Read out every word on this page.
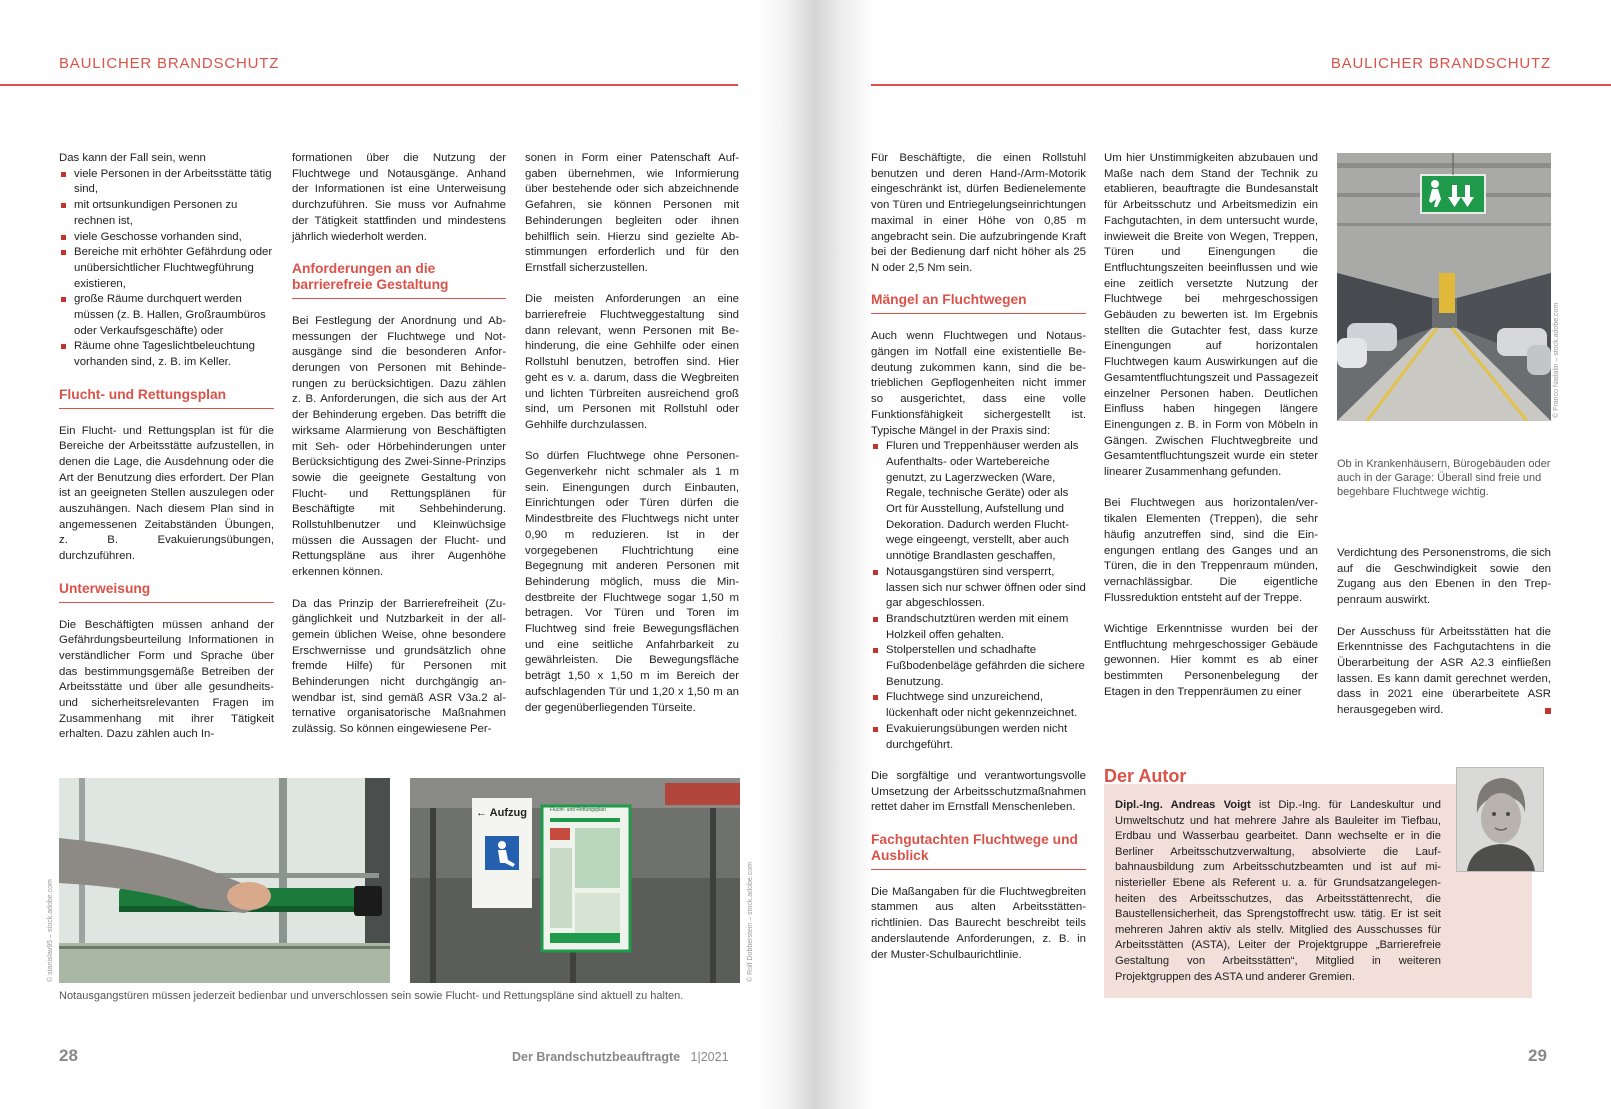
BAULICHER BRANDSCHUTZ	BAULICHER BRANDSCHUTZ

Das kann der Fall sein, wenn

viele Personen in der Arbeitsstätte tätig sind,
mit ortsunkundigen Personen zu rechnen ist,
viele Geschosse vorhanden sind,
Bereiche mit erhöhter Gefährdung oder unübersichtlicher Fluchtwegführung existieren,
große Räume durchquert werden müssen (z. B. Hallen, Großraumbüros oder Verkaufsgeschäfte) oder
Räume ohne Tageslichtbeleuchtung vorhanden sind, z. B. im Keller.
Flucht- und Rettungsplan

Ein Flucht- und Rettungsplan ist für die Bereiche der Arbeitsstätte aufzustellen, in denen die Lage, die Ausdehnung oder die Art der Benutzung dies erfordert. Der Plan ist an geeigneten Stellen auszulegen oder auszuhängen. Nach diesem Plan sind in angemessenen Zeitabständen Übungen, z. B. Evakuierungsübungen, durchzuführen.

Unterweisung

Die Beschäftigten müssen anhand der Gefährdungsbeurteilung Informationen in verständlicher Form und Sprache über das bestimmungsgemäße Betreiben der Arbeitsstätte und über alle gesundheits- und sicherheitsrelevanten Fragen im Zusammenhang mit ihrer Tätigkeit erhalten. Dazu zählen auch In-

formationen über die Nutzung der Fluchtwege und Notausgänge. Anhand der Informationen ist eine Unterweisung durchzuführen. Sie muss vor Aufnahme der Tätigkeit stattfinden und mindestens jährlich wiederholt werden.

Anforderungen an die barrierefreie Gestaltung

Bei Festlegung der Anordnung und Abmessungen der Fluchtwege und Notausgänge sind die besonderen Anforderungen von Personen mit Behinderungen zu berücksichtigen. Dazu zählen z. B. Anforderungen, die sich aus der Art der Behinderung ergeben. Das betrifft die wirksame Alarmierung von Beschäftigten mit Seh- oder Hörbehinderungen unter Berücksichtigung des Zwei-Sinne-Prinzips sowie die geeignete Gestaltung von Flucht- und Rettungsplänen für Beschäftigte mit Sehbehinderung. Rollstuhlbenutzer und Kleinwüchsige müssen die Aussagen der Flucht- und Rettungspläne aus ihrer Augenhöhe erkennen können.

Da das Prinzip der Barrierefreiheit (Zugänglichkeit und Nutzbarkeit in der allgemein üblichen Weise, ohne besondere Erschwernisse und grundsätzlich ohne fremde Hilfe) für Personen mit Behinderungen nicht durchgängig anwendbar ist, sind gemäß ASR V3a.2 alternative organisatorische Maßnahmen zulässig. So können eingewiesene Per-

sonen in Form einer Patenschaft Aufgaben übernehmen, wie Informierung über bestehende oder sich abzeichnende Gefahren, sie können Personen mit Behinderungen begleiten oder ihnen behilflich sein. Hierzu sind gezielte Abstimmungen erforderlich und für den Ernstfall sicherzustellen.

Die meisten Anforderungen an eine barrierefreie Fluchtweggestaltung sind dann relevant, wenn Personen mit Behinderung, die eine Gehhilfe oder einen Rollstuhl benutzen, betroffen sind. Hier geht es v. a. darum, dass die Wegbreiten und lichten Türbreiten ausreichend groß sind, um Personen mit Rollstuhl oder Gehhilfe durchzulassen.

So dürfen Fluchtwege ohne Personen-Gegenverkehr nicht schmaler als 1 m sein. Einengungen durch Einbauten, Einrichtungen oder Türen dürfen die Mindestbreite des Fluchtwegs nicht unter 0,90 m reduzieren. Ist in der vorgegebenen Fluchtrichtung eine Begegnung mit anderen Personen mit Behinderung möglich, muss die Mindestbreite der Fluchtwege sogar 1,50 m betragen. Vor Türen und Toren im Fluchtweg sind freie Bewegungsflächen und eine seitliche Anfahrbarkeit zu gewährleisten. Die Bewegungsfläche beträgt 1,50 x 1,50 m im Bereich der aufschlagenden Tür und 1,20 x 1,50 m an der gegenüberliegenden Türseite.

© stanislav95 – stock.adobe.com
← Aufzug	Flucht- und Rettungsplan
© Rolf Dobberstein – stock.adobe.com
Notausgangstüren müssen jederzeit bedienbar und unverschlossen sein sowie Flucht- und Rettungspläne sind aktuell zu halten.

Für Beschäftigte, die einen Rollstuhl benutzen und deren Hand-/Arm-Motorik eingeschränkt ist, dürfen Bedienelemente von Türen und Entriegelungseinrichtungen maximal in einer Höhe von 0,85 m angebracht sein. Die aufzubringende Kraft bei der Bedienung darf nicht höher als 25 N oder 2,5 Nm sein.

Mängel an Fluchtwegen

Auch wenn Fluchtwegen und Notausgängen im Notfall eine existentielle Bedeutung zukommen kann, sind die betrieblichen Gepflogenheiten nicht immer so ausgerichtet, dass eine volle Funktionsfähigkeit sichergestellt ist. Typische Mängel in der Praxis sind:

Fluren und Treppenhäuser werden als Aufenthalts- oder Wartebereiche genutzt, zu Lagerzwecken (Ware, Regale, technische Geräte) oder als Ort für Ausstellung, Aufstellung und Dekoration. Dadurch werden Fluchtwege eingeengt, verstellt, aber auch unnötige Brandlasten geschaffen,
Notausgangstüren sind versperrt, lassen sich nur schwer öffnen oder sind gar abgeschlossen.
Brandschutztüren werden mit einem Holzkeil offen gehalten.
Stolperstellen und schadhafte Fußbodenbeläge gefährden die sichere Benutzung.
Fluchtwege sind unzureichend, lückenhaft oder nicht gekennzeichnet.
Evakuierungsübungen werden nicht durchgeführt.

Die sorgfältige und verantwortungsvolle Umsetzung der Arbeitsschutzmaßnahmen rettet daher im Ernstfall Menschenleben.

Fachgutachten Fluchtwege und Ausblick

Die Maßangaben für die Fluchtwegbreiten stammen aus alten Arbeitsstättenrichtlinien. Das Baurecht beschreibt teils anderslautende Anforderungen, z. B. in der Muster-Schulbaurichtlinie.

Um hier Unstimmigkeiten abzubauen und Maße nach dem Stand der Technik zu etablieren, beauftragte die Bundesanstalt für Arbeitsschutz und Arbeitsmedizin ein Fachgutachten, in dem untersucht wurde, inwieweit die Breite von Wegen, Treppen, Türen und Einengungen die Entfluchtungszeiten beeinflussen und wie eine zeitlich versetzte Nutzung der Fluchtwege bei mehrgeschossigen Gebäuden zu bewerten ist. Im Ergebnis stellten die Gutachter fest, dass kurze Einengungen auf horizontalen Fluchtwegen kaum Auswirkungen auf die Gesamtentfluchtungszeit und Passagezeit einzelner Personen haben. Deutlichen Einfluss haben hingegen längere Einengungen z. B. in Form von Möbeln in Gängen. Zwischen Fluchtwegbreite und Gesamtentfluchtungszeit wurde ein steter linearer Zusammenhang gefunden.

Bei Fluchtwegen aus horizontalen/vertikalen Elementen (Treppen), die sehr häufig anzutreffen sind, sind die Einengungen entlang des Ganges und an Türen, die in den Treppenraum münden, vernachlässigbar. Die eigentliche Flussreduktion entsteht auf der Treppe.

Wichtige Erkenntnisse wurden bei der Entfluchtung mehrgeschossiger Gebäude gewonnen. Hier kommt es ab einer bestimmten Personenbelegung der Etagen in den Treppenräumen zu einer

© Franco Nadalin – stock.adobe.com
Ob in Krankenhäusern, Bürogebäuden oder auch in der Garage: Überall sind freie und begehbare Fluchtwege wichtig.

Verdichtung des Personenstroms, die sich auf die Geschwindigkeit sowie den Zugang aus den Ebenen in den Treppenraum auswirkt.

Der Ausschuss für Arbeitsstätten hat die Erkenntnisse des Fachgutachtens in die Überarbeitung der ASR A2.3 einfließen lassen. Es kann damit gerechnet werden, dass in 2021 eine überarbeitete ASR herausgegeben wird.

Der Autor
Dipl.-Ing. Andreas Voigt ist Dip.-Ing. für Landeskultur und Umweltschutz und hat mehrere Jahre als Bauleiter im Tiefbau, Erdbau und Wasserbau gearbeitet. Dann wechselte er in die Berliner Arbeitsschutzverwaltung, absolvierte die Laufbahnausbildung zum Arbeitsschutzbeamten und ist auf ministerieller Ebene als Referent u. a. für Grundsatzangelegenheiten des Arbeitsschutzes, das Arbeitsstättenrecht, die Baustellensicherheit, das Sprengstoffrecht usw. tätig. Er ist seit mehreren Jahren aktiv als stellv. Mitglied des Ausschusses für Arbeitsstätten (ASTA), Leiter der Projektgruppe „Barrierefreie Gestaltung von Arbeitsstätten“, Mitglied in weiteren Projektgruppen des ASTA und anderer Gremien.
28	Der Brandschutzbeauftragte 1|2021	29
